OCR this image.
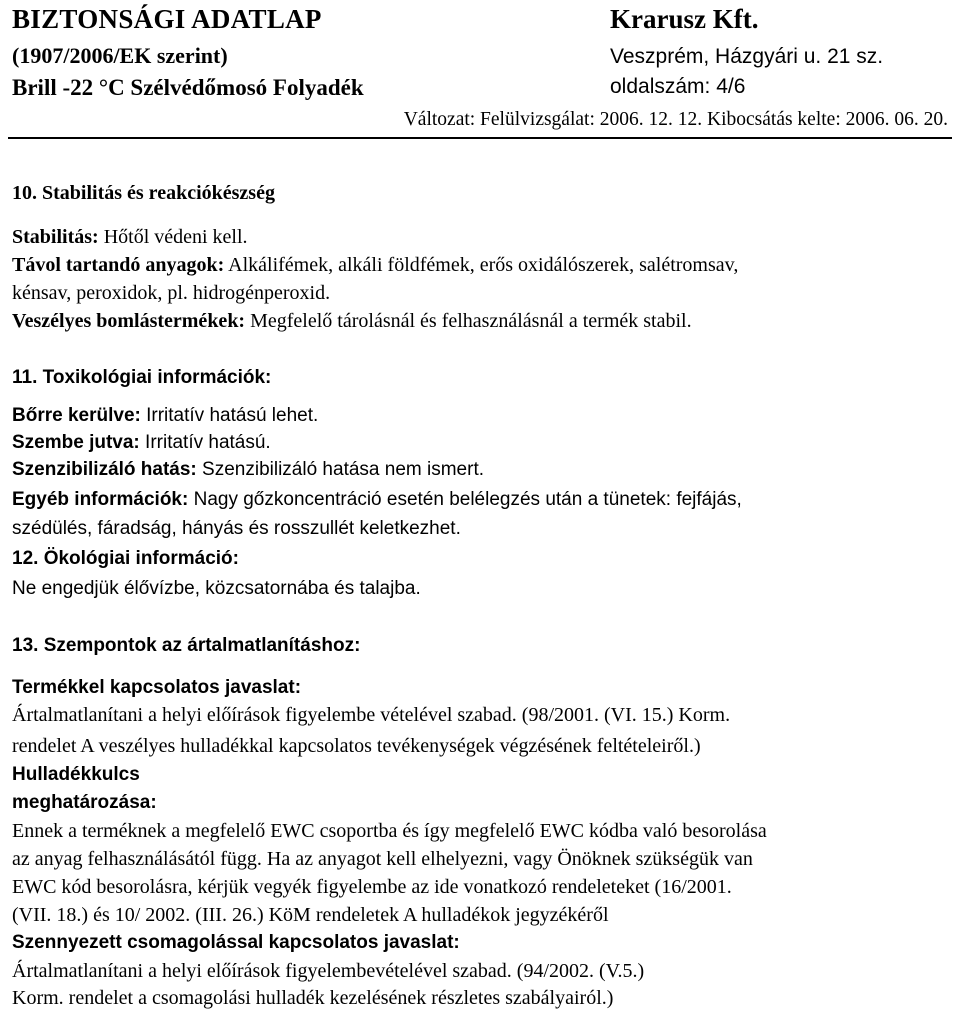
BIZTONSÁGI ADATLAP
(1907/2006/EK szerint)
Brill -22 °C Szélvédőmosó Folyadék
Krarusz Kft.
Veszprém, Házgyári u. 21 sz.
oldalszám: 4/6
Változat: Felülvizsgálat: 2006. 12. 12. Kibocsátás kelte: 2006. 06. 20.
10. Stabilitás és reakciókészség
Stabilitás: Hőtől védeni kell.
Távol tartandó anyagok: Alkálifémek, alkáli földfémek, erős oxidálószerek, salétromsav,
kénsav, peroxidok, pl. hidrogénperoxid.
Veszélyes bomlástermékek: Megfelelő tárolásnál és felhasználásnál a termék stabil.
11. Toxikológiai információk:
Bőrre kerülve: Irritatív hatású lehet.
Szembe jutva: Irritatív hatású.
Szenzibilizáló hatás: Szenzibilizáló hatása nem ismert.
Egyéb információk: Nagy gőzkoncentráció esetén belélegzés után a tünetek: fejfájás,
szédülés, fáradság, hányás és rosszullét keletkezhet.
12. Ökológiai információ:
Ne engedjük élővízbe, közcsatornába és talajba.
13. Szempontok az ártalmatlanításhoz:
Termékkel kapcsolatos javaslat:
Ártalmatlanítani a helyi előírások figyelembe vételével szabad. (98/2001. (VI. 15.) Korm.
rendelet A veszélyes hulladékkal kapcsolatos tevékenységek végzésének feltételeiről.)
Hulladékkulcs
meghatározása:
Ennek a terméknek a megfelelő EWC csoportba és így megfelelő EWC kódba való besorolása
az anyag felhasználásától függ. Ha az anyagot kell elhelyezni, vagy Önöknek szükségük van
EWC kód besorolásra, kérjük vegyék figyelembe az ide vonatkozó rendeleteket (16/2001.
(VII. 18.) és 10/ 2002. (III. 26.) KöM rendeletek A hulladékok jegyzékéről
Szennyezett csomagolással kapcsolatos javaslat:
Ártalmatlanítani a helyi előírások figyelembevételével szabad. (94/2002. (V.5.)
Korm. rendelet a csomagolási hulladék kezelésének részletes szabályairól.)
